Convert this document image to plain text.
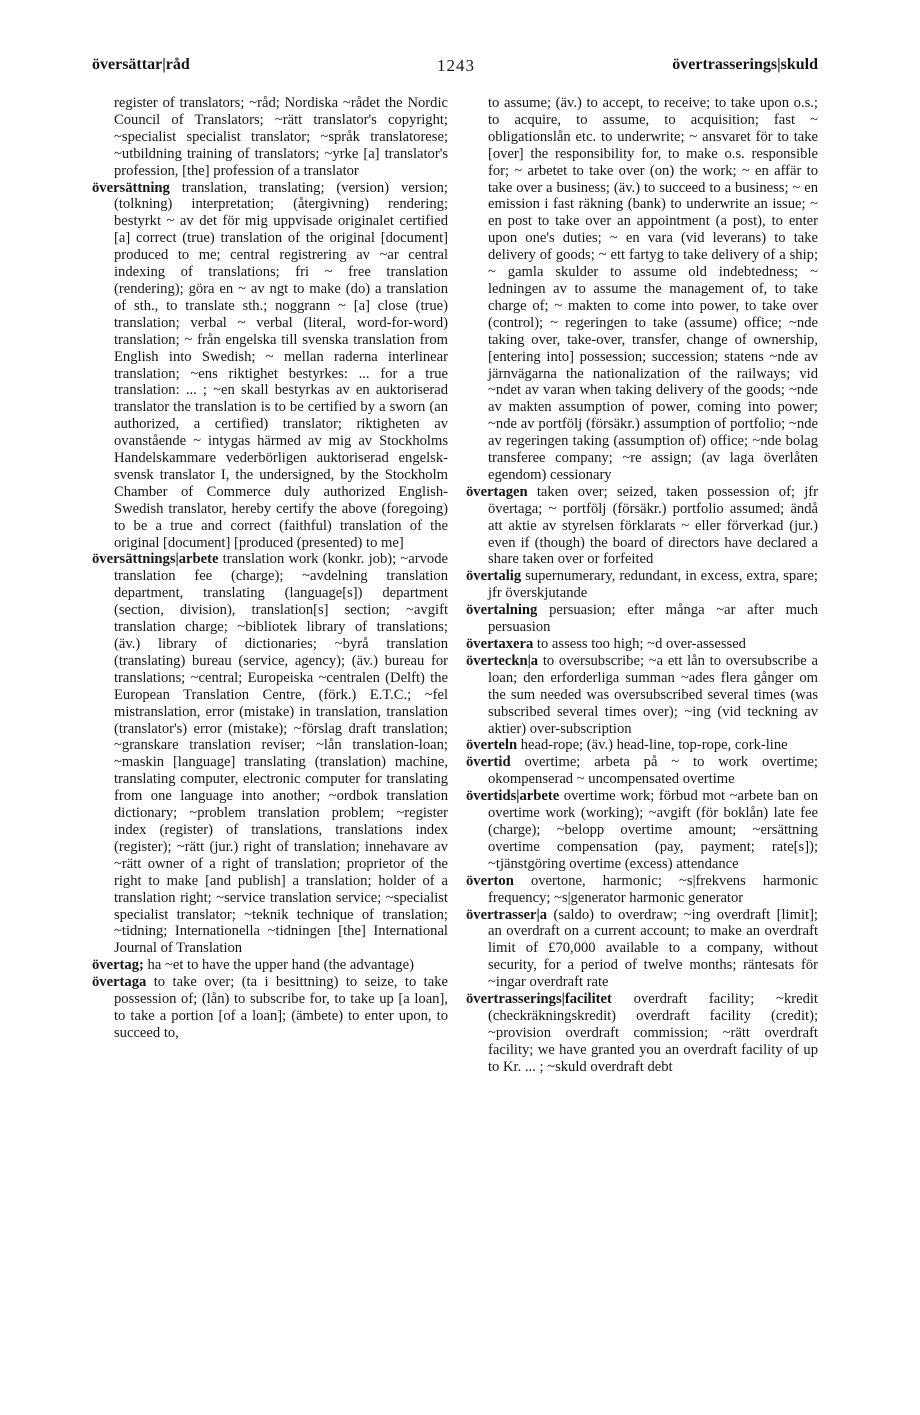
översättar|råd	1243	övertrasserings|skuld

register of translators; ~råd; Nordiska ~rådet the Nordic Council of Translators; ~rätt translator's copyright; ~specialist specialist translator; ~språk translatorese; ~utbildning training of translators; ~yrke [a] translator's profession, [the] profession of a translator

översättning translation, translating; (version) version; (tolkning) interpretation; (återgivning) rendering; bestyrkt ~ av det för mig uppvisade originalet certified [a] correct (true) translation of the original [document] produced to me; central registrering av ~ar central indexing of translations; fri ~ free translation (rendering); göra en ~ av ngt to make (do) a translation of sth., to translate sth.; noggrann ~ [a] close (true) translation; verbal ~ verbal (literal, word-for-word) translation; ~ från engelska till svenska translation from English into Swedish; ~ mellan raderna interlinear translation; ~ens riktighet bestyrkes: ... for a true translation: ... ; ~en skall bestyrkas av en auktoriserad translator the translation is to be certified by a sworn (an authorized, a certified) translator; riktigheten av ovanstående ~ intygas härmed av mig av Stockholms Handelskammare vederbörligen auktoriserad engelsk-svensk translator I, the undersigned, by the Stockholm Chamber of Commerce duly authorized English-Swedish translator, hereby certify the above (foregoing) to be a true and correct (faithful) translation of the original [document] [produced (presented) to me]

översättnings|arbete translation work (konkr. job); ~arvode translation fee (charge); ~avdelning translation department, translating (language[s]) department (section, division), translation[s] section; ~avgift translation charge; ~bibliotek library of translations; (äv.) library of dictionaries; ~byrå translation (translating) bureau (service, agency); (äv.) bureau for translations; ~central; Europeiska ~centralen (Delft) the European Translation Centre, (förk.) E.T.C.; ~fel mistranslation, error (mistake) in translation, translation (translator's) error (mistake); ~förslag draft translation; ~granskare translation reviser; ~lån translation-loan; ~maskin [language] translating (translation) machine, translating computer, electronic computer for translating from one language into another; ~ordbok translation dictionary; ~problem translation problem; ~register index (register) of translations, translations index (register); ~rätt (jur.) right of translation; innehavare av ~rätt owner of a right of translation; proprietor of the right to make [and publish] a translation; holder of a translation right; ~service translation service; ~specialist specialist translator; ~teknik technique of translation; ~tidning; Internationella ~tidningen [the] International Journal of Translation

övertag; ha ~et to have the upper hand (the advantage)

övertaga to take over; (ta i besittning) to seize, to take possession of; (lån) to subscribe for, to take up [a loan], to take a portion [of a loan]; (ämbete) to enter upon, to succeed to,

to assume; (äv.) to accept, to receive; to take upon o.s.; to acquire, to assume, to acquisition; fast ~ obligationslån etc. to underwrite; ~ ansvaret för to take [over] the responsibility for, to make o.s. responsible for; ~ arbetet to take over (on) the work; ~ en affär to take over a business; (äv.) to succeed to a business; ~ en emission i fast räkning (bank) to underwrite an issue; ~ en post to take over an appointment (a post), to enter upon one's duties; ~ en vara (vid leverans) to take delivery of goods; ~ ett fartyg to take delivery of a ship; ~ gamla skulder to assume old indebtedness; ~ ledningen av to assume the management of, to take charge of; ~ makten to come into power, to take over (control); ~ regeringen to take (assume) office; ~nde taking over, take-over, transfer, change of ownership, [entering into] possession; succession; statens ~nde av järnvägarna the nationalization of the railways; vid ~ndet av varan when taking delivery of the goods; ~nde av makten assumption of power, coming into power; ~nde av portfölj (försäkr.) assumption of portfolio; ~nde av regeringen taking (assumption of) office; ~nde bolag transferee company; ~re assign; (av laga överlåten egendom) cessionary

övertagen taken over; seized, taken possession of; jfr övertaga; ~ portfölj (försäkr.) portfolio assumed; ändå att aktie av styrelsen förklarats ~ eller förverkad (jur.) even if (though) the board of directors have declared a share taken over or forfeited

övertalig supernumerary, redundant, in excess, extra, spare; jfr överskjutande

övertalning persuasion; efter många ~ar after much persuasion

övertaxera to assess too high; ~d over-assessed

överteckn|a to oversubscribe; ~a ett lån to oversubscribe a loan; den erforderliga summan ~ades flera gånger om the sum needed was oversubscribed several times (was subscribed several times over); ~ing (vid teckning av aktier) over-subscription

överteln head-rope; (äv.) head-line, top-rope, cork-line

övertid overtime; arbeta på ~ to work overtime; okompenserad ~ uncompensated overtime

övertids|arbete overtime work; förbud mot ~arbete ban on overtime work (working); ~avgift (för boklån) late fee (charge); ~belopp overtime amount; ~ersättning overtime compensation (pay, payment; rate[s]); ~tjänstgöring overtime (excess) attendance

överton overtone, harmonic; ~s|frekvens harmonic frequency; ~s|generator harmonic generator

övertrasser|a (saldo) to overdraw; ~ing overdraft [limit]; an overdraft on a current account; to make an overdraft limit of £70,000 available to a company, without security, for a period of twelve months; räntesats för ~ingar overdraft rate

övertrasserings|facilitet overdraft facility; ~kredit (checkräkningskredit) overdraft facility (credit); ~provision overdraft commission; ~rätt overdraft facility; we have granted you an overdraft facility of up to Kr. ... ; ~skuld overdraft debt
